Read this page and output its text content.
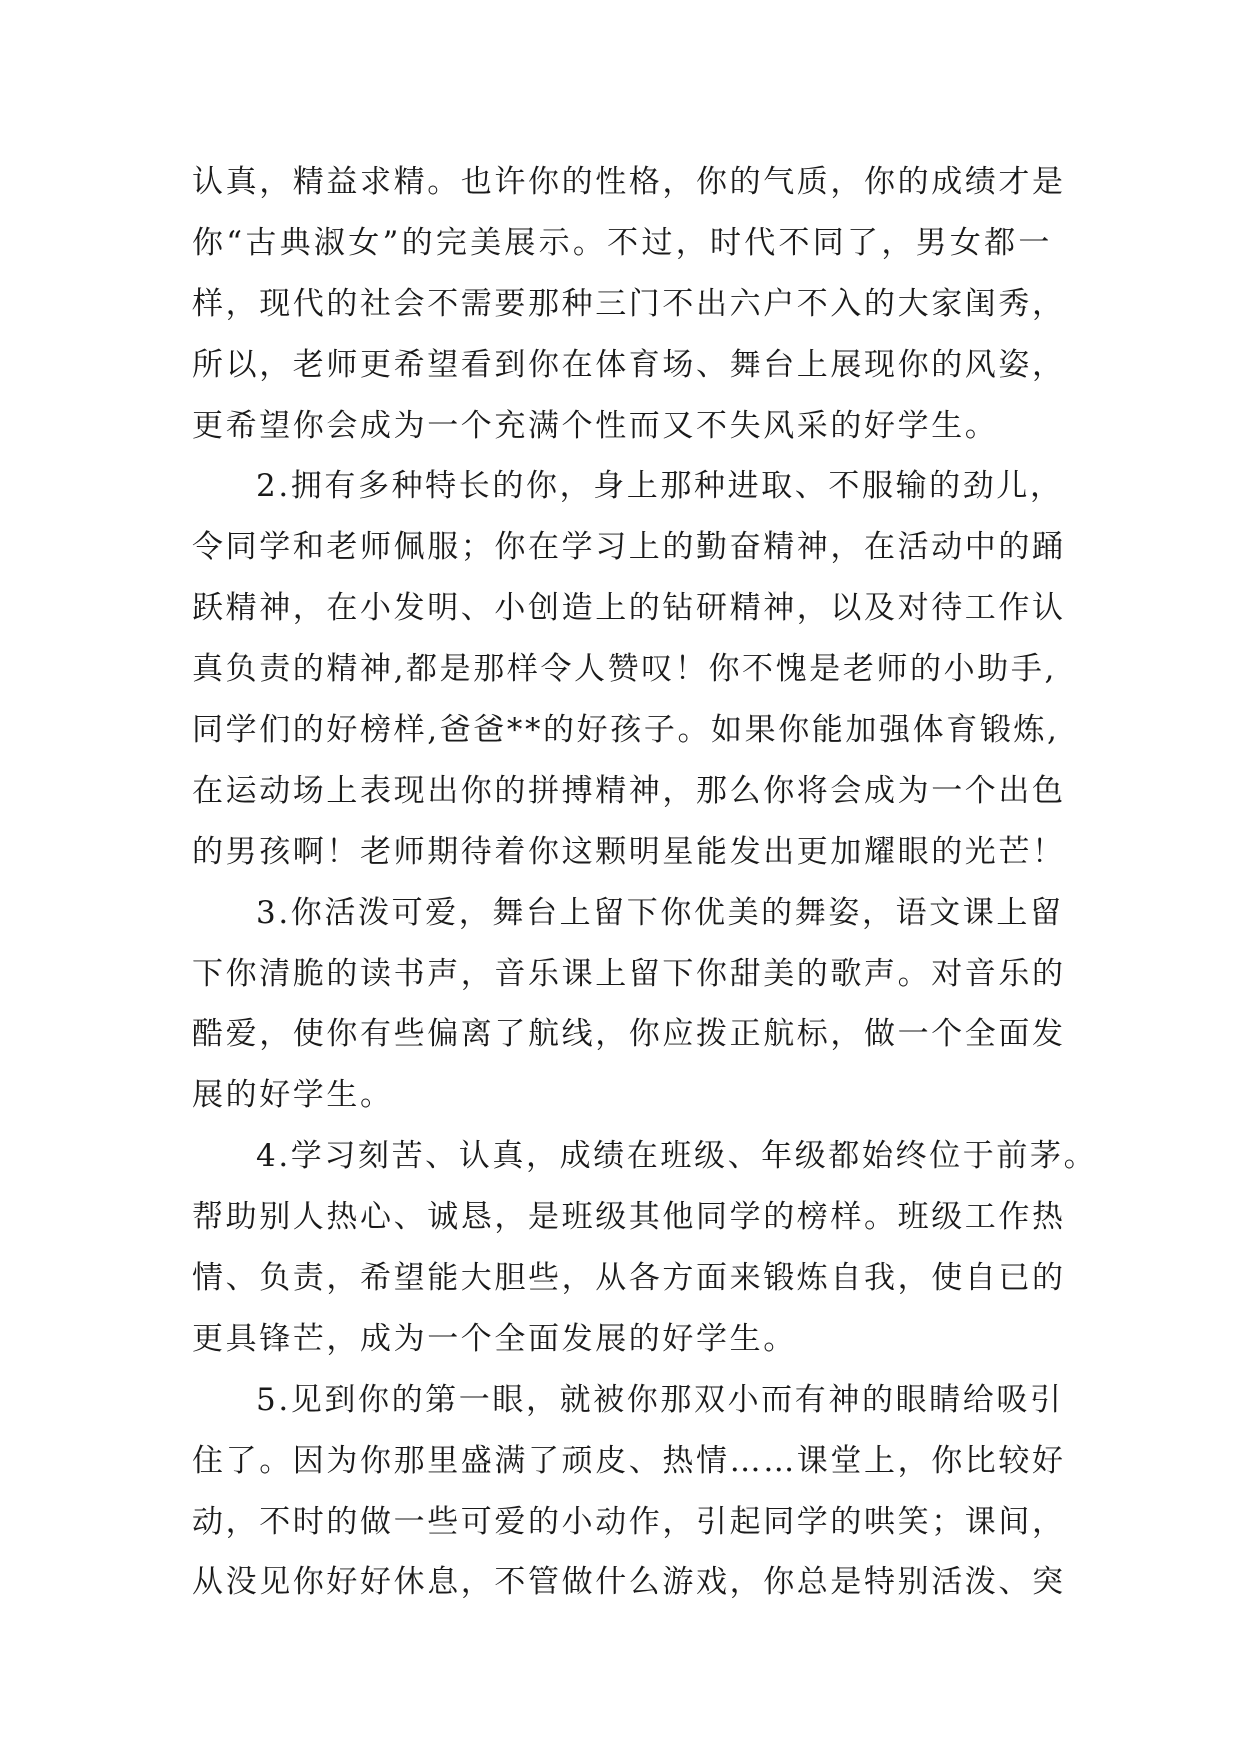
认真，精益求精。也许你的性格，你的气质，你的成绩才是
你“古典淑女”的完美展示。不过，时代不同了，男女都一
样，现代的社会不需要那种三门不出六户不入的大家闺秀，
所以，老师更希望看到你在体育场、舞台上展现你的风姿，
更希望你会成为一个充满个性而又不失风采的好学生。
2.拥有多种特长的你，身上那种进取、不服输的劲儿，
令同学和老师佩服；你在学习上的勤奋精神，在活动中的踊
跃精神，在小发明、小创造上的钻研精神，以及对待工作认
真负责的精神,都是那样令人赞叹！你不愧是老师的小助手,
同学们的好榜样,爸爸**的好孩子。如果你能加强体育锻炼,
在运动场上表现出你的拼搏精神，那么你将会成为一个出色
的男孩啊！老师期待着你这颗明星能发出更加耀眼的光芒！
3.你活泼可爱，舞台上留下你优美的舞姿，语文课上留
下你清脆的读书声，音乐课上留下你甜美的歌声。对音乐的
酷爱，使你有些偏离了航线，你应拨正航标，做一个全面发
展的好学生。
4.学习刻苦、认真，成绩在班级、年级都始终位于前茅。
帮助别人热心、诚恳，是班级其他同学的榜样。班级工作热
情、负责，希望能大胆些，从各方面来锻炼自我，使自已的
更具锋芒，成为一个全面发展的好学生。
5.见到你的第一眼，就被你那双小而有神的眼睛给吸引
住了。因为你那里盛满了顽皮、热情……课堂上，你比较好
动，不时的做一些可爱的小动作，引起同学的哄笑；课间，
从没见你好好休息，不管做什么游戏，你总是特别活泼、突
